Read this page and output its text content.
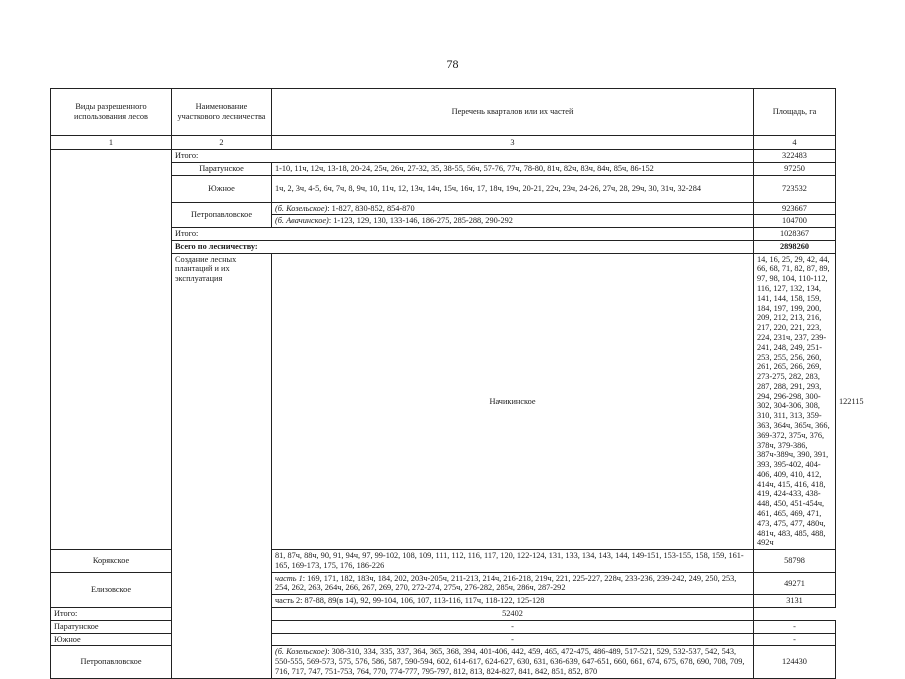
78
Виды разрешенного использования лесов	Наименование участкового лесничества	Перечень кварталов или их частей	Площадь, га	
1	2	3	4	
	Итого:		322483	
	Паратунское	1-10, 11ч, 12ч, 13-18, 20-24, 25ч, 26ч, 27-32, 35, 38-55, 56ч, 57-76, 77ч, 78-80, 81ч, 82ч, 83ч, 84ч, 85ч, 86-152	97250	
	Южное	1ч, 2, 3ч, 4-5, 6ч, 7ч, 8, 9ч, 10, 11ч, 12, 13ч, 14ч, 15ч, 16ч, 17, 18ч, 19ч, 20-21, 22ч, 23ч, 24-26, 27ч, 28, 29ч, 30, 31ч, 32-284	723532	
	Петропавловское	(б. Козельское): 1-827, 830-852, 854-870	923667	
		(б. Авачинское): 1-123, 129, 130, 133-146, 186-275, 285-288, 290-292	104700	
	Итого:		1028367	
	Всего по лесничеству:		2898260	
	Создание лесных плантаций и их эксплуатация	Начикинское	14, 16, 25, 29, 42, 44, 66, 68, 71, 82, 87, 89, 97, 98, 104, 110-112, 116, 127, 132, 134, 141, 144, 158, 159, 184, 197, 199, 200, 209, 212, 213, 216, 217, 220, 221, 223, 224, 231ч, 237, 239-241, 248, 249, 251-253, 255, 256, 260, 261, 265, 266, 269, 273-275, 282, 283, 287, 288, 291, 293, 294, 296-298, 300-302, 304-306, 308, 310, 311, 313, 359-363, 364ч, 365ч, 366, 369-372, 375ч, 376, 378ч, 379-386, 387ч-389ч, 390, 391, 393, 395-402, 404-406, 409, 410, 412, 414ч, 415, 416, 418, 419, 424-433, 438-448, 450, 451-454ч, 461, 465, 469, 471, 473, 475, 477, 480ч, 481ч, 483, 485, 488, 492ч	122115
Корякское		81, 87ч, 88ч, 90, 91, 94ч, 97, 99-102, 108, 109, 111, 112, 116, 117, 120, 122-124, 131, 133, 134, 143, 144, 149-151, 153-155, 158, 159, 161-165, 169-173, 175, 176, 186-226	58798	
Елизовское		часть 1: 169, 171, 182, 183ч, 184, 202, 203ч-205ч, 211-213, 214ч, 216-218, 219ч, 221, 225-227, 228ч, 233-236, 239-242, 249, 250, 253, 254, 262, 263, 264ч, 266, 267, 269, 270, 272-274, 275ч, 276-282, 285ч, 286ч, 287-292	49271	
		часть 2: 87-88, 89(в 14), 92, 99-104, 106, 107, 113-116, 117ч, 118-122, 125-128	3131	
Итого:		52402		
Паратунское		-	-	
Южное		-	-	
Петропавловское		(б. Козельское): 308-310, 334, 335, 337, 364, 365, 368, 394, 401-406, 442, 459, 465, 472-475, 486-489, 517-521, 529, 532-537, 542, 543, 550-555, 569-573, 575, 576, 586, 587, 590-594, 602, 614-617, 624-627, 630, 631, 636-639, 647-651, 660, 661, 674, 675, 678, 690, 708, 709, 716, 717, 747, 751-753, 764, 770, 774-777, 795-797, 812, 813, 824-827, 841, 842, 851, 852, 870	124430	
